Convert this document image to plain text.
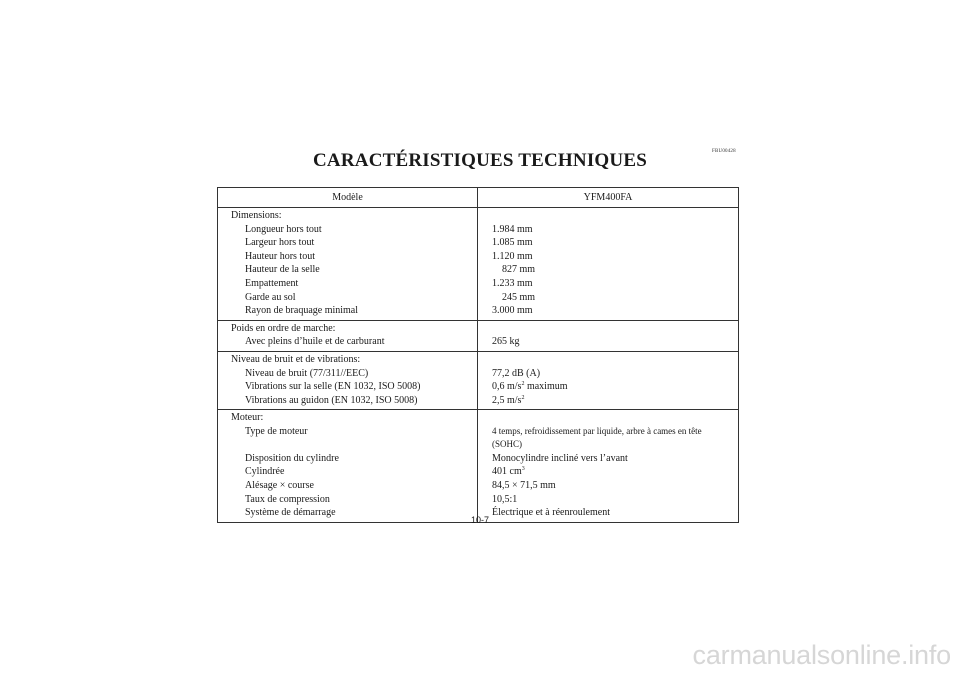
FBU00428
CARACTÉRISTIQUES TECHNIQUES
Modèle	YFM400FA
Dimensions:	
Longueur hors tout	1.984 mm
Largeur hors tout	1.085 mm
Hauteur hors tout	1.120 mm
Hauteur de la selle	827 mm
Empattement	1.233 mm
Garde au sol	245 mm
Rayon de braquage minimal	3.000 mm
Poids en ordre de marche:	
Avec pleins d’huile et de carburant	265 kg
Niveau de bruit et de vibrations:	
Niveau de bruit (77/311//EEC)	77,2 dB (A)
Vibrations sur la selle (EN 1032, ISO 5008)	0,6 $m/s^2$ maximum
Vibrations au guidon (EN 1032, ISO 5008)	2,5 $m/s^2$
Moteur:	
Type de moteur	4 temps, refroidissement par liquide, arbre à cames en tête (SOHC)
Disposition du cylindre	Monocylindre incliné vers l’avant
Cylindrée	401 $cm^3$
Alésage × course	84,5 × 71,5 mm
Taux de compression	10,5:1
Système de démarrage	Électrique et à réenroulement
10-7
carmanualsonline.info
